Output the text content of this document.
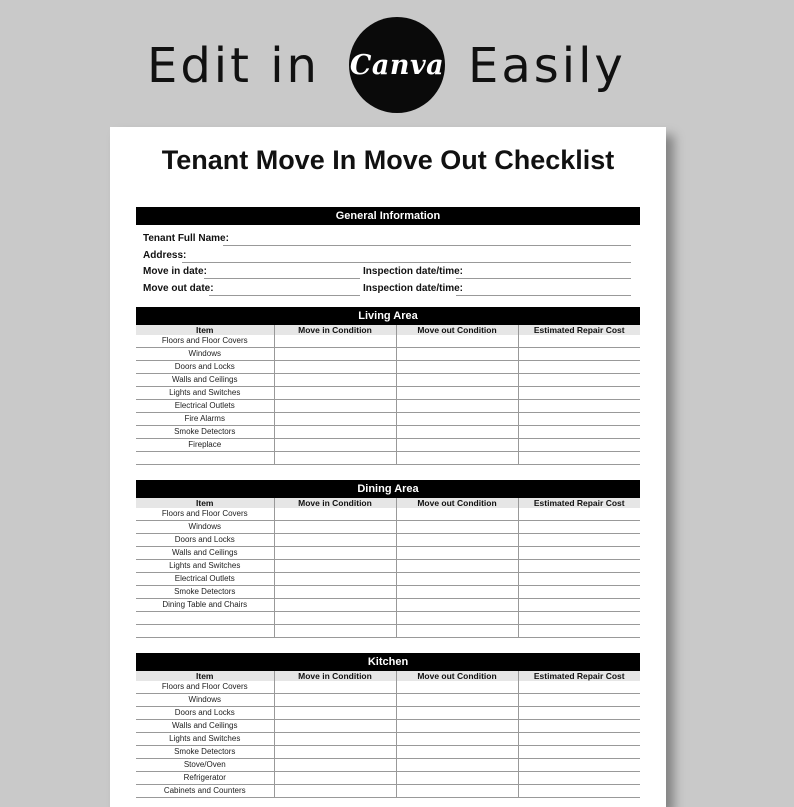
Edit in Canva Easily
Tenant Move In Move Out Checklist
General Information
Tenant Full Name:
Address:
Move in date:	Inspection date/time:
Move out date:	Inspection date/time:
Living Area
Item	Move in Condition	Move out Condition	Estimated Repair Cost
Floors and Floor Covers			
Windows			
Doors and Locks			
Walls and Ceilings			
Lights and Switches			
Electrical Outlets			
Fire Alarms			
Smoke Detectors			
Fireplace			

Dining Area
Item	Move in Condition	Move out Condition	Estimated Repair Cost
Floors and Floor Covers			
Windows			
Doors and Locks			
Walls and Ceilings			
Lights and Switches			
Electrical Outlets			
Smoke Detectors			
Dining Table and Chairs			

Kitchen
Item	Move in Condition	Move out Condition	Estimated Repair Cost
Floors and Floor Covers			
Windows			
Doors and Locks			
Walls and Ceilings			
Lights and Switches			
Smoke Detectors			
Stove/Oven			
Refrigerator			
Cabinets and Counters			
